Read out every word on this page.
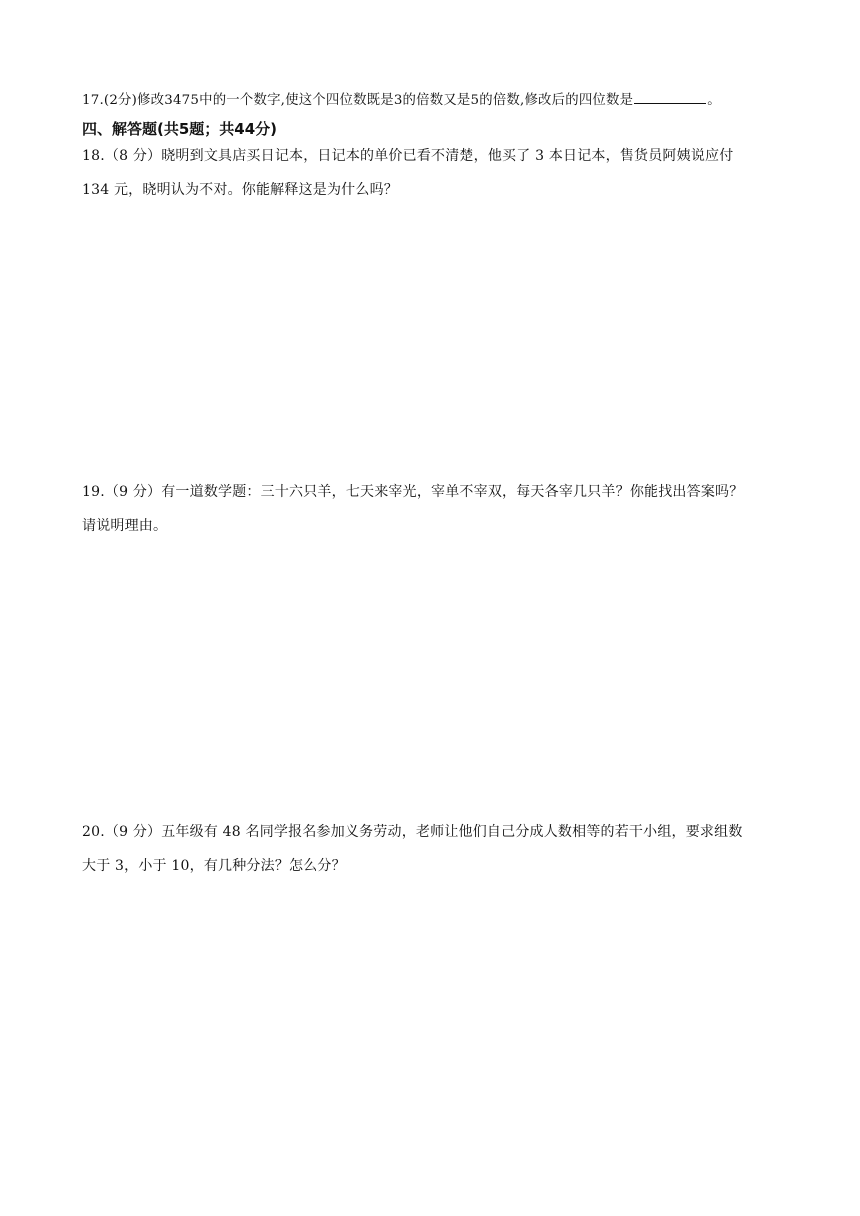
17.(2分)修改3475中的一个数字,使这个四位数既是3的倍数又是5的倍数,修改后的四位数是	。
四、解答题(共5题；共44分)
18.（8 分）晓明到文具店买日记本，日记本的单价已看不清楚，他买了 3 本日记本，售货员阿姨说应付
134 元，晓明认为不对。你能解释这是为什么吗？
19.（9 分）有一道数学题：三十六只羊，七天来宰光，宰单不宰双，每天各宰几只羊？你能找出答案吗？
请说明理由。
20.（9 分）五年级有 48 名同学报名参加义务劳动，老师让他们自己分成人数相等的若干小组，要求组数
大于 3，小于 10，有几种分法？怎么分？
